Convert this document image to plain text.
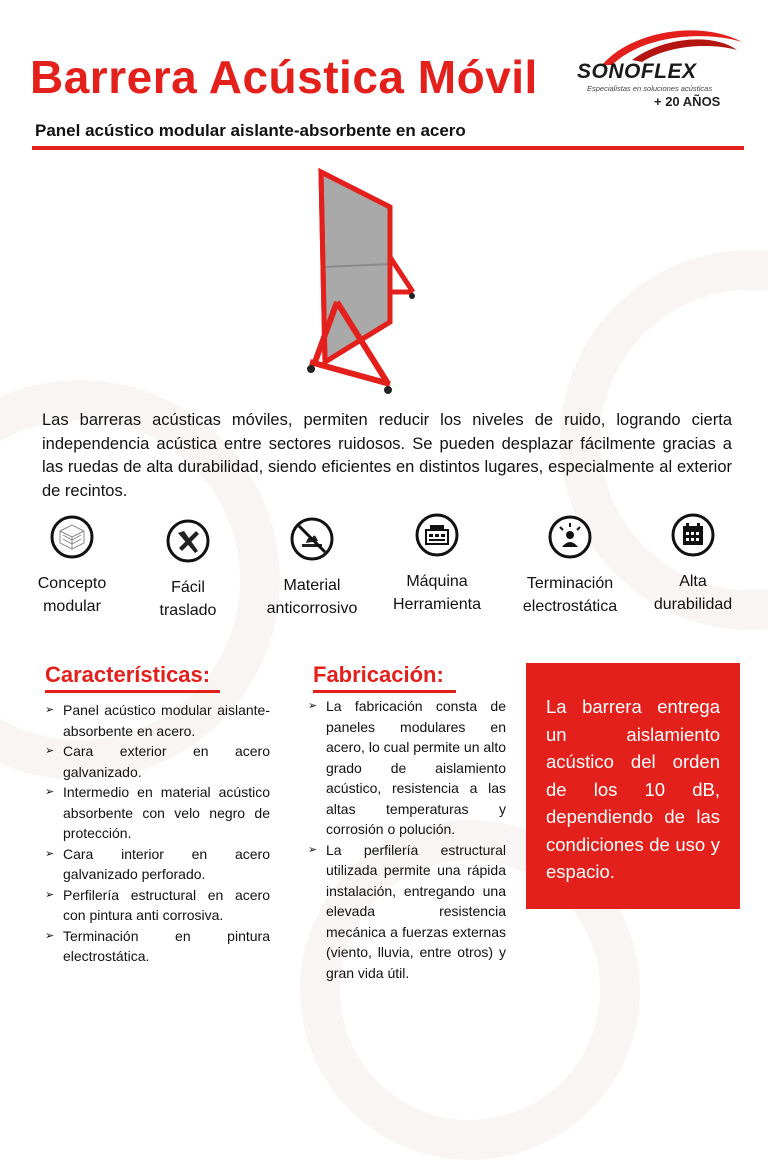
Barrera Acústica Móvil SONOFLEX
Especialistas en soluciones acústicas
+ 20 AÑOS
Panel acústico modular aislante-absorbente en acero

Las barreras acústicas móviles, permiten reducir los niveles de ruido, logrando cierta independencia acústica entre sectores ruidosos. Se pueden desplazar fácilmente gracias a las ruedas de alta durabilidad, siendo eficientes en distintos lugares, especialmente al exterior de recintos.

Concepto
modular
Fácil
traslado
Material
anticorrosivo
Máquina
Herramienta
Terminación
electrostática
Alta
durabilidad
Características:
➢ Panel acústico modular aislante-absorbente en acero.
➢ Cara exterior en acero galvanizado.
➢ Intermedio en material acústico absorbente con velo negro de protección.
➢ Cara interior en acero galvanizado perforado.
➢ Perfilería estructural en acero con pintura anti corrosiva.
➢ Terminación en pintura electrostática.
Fabricación:
➢ La fabricación consta de paneles modulares en acero, lo cual permite un alto grado de aislamiento acústico, resistencia a las altas temperaturas y corrosión o polución.
➢ La perfilería estructural utilizada permite una rápida instalación, entregando una elevada resistencia mecánica a fuerzas externas (viento, lluvia, entre otros) y gran vida útil.
La barrera entrega un aislamiento acústico del orden de los 10 dB, dependiendo de las condiciones de uso y espacio.
